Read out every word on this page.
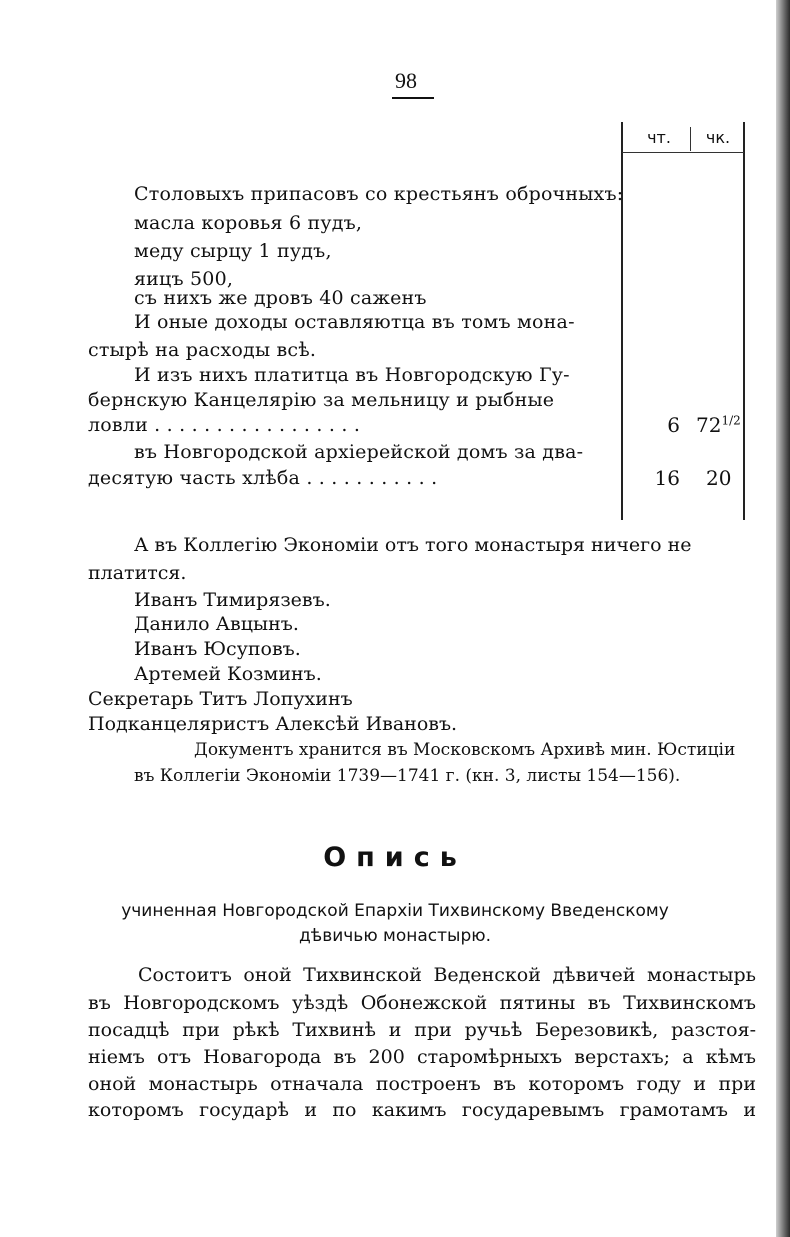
98
чт.	чк.
Столовыхъ припасовъ со крестьянъ оброчныхъ:
масла коровья 6 пудъ,
меду сырцу 1 пудъ,
яицъ 500,
съ нихъ же дровъ 40 саженъ
И оные доходы оставляютца въ томъ мона-
стырѣ на расходы всѣ.
И изъ нихъ платитца въ Новгородскую Гу-
бернскую Канцелярiю за мельницу и рыбные
ловли . . . . . . . . . . . . . . . . .
въ Новгородской архiерейской домъ за два-
десятую часть хлѣба . . . . . . . . . . .
6 $72^{1/2}$
16 20
А въ Коллегiю Экономiи отъ того монастыря ничего не
платится.
Иванъ Тимирязевъ.
Данило Авцынъ.
Иванъ Юсуповъ.
Артемей Козминъ.
Секретарь Титъ Лопухинъ
Подканцеляристъ Алексѣй Ивановъ.
Документъ хранится въ Московскомъ Архивѣ мин. Юстицiи
въ Коллегiи Экономiи 1739—1741 г. (кн. 3, листы 154—156).
Опись
учиненная Новгородской Епархiи Тихвинскому Введенскому
дѣвичью монастырю.
Состоитъ оной Тихвинской Веденской дѣвичей монастырь
въ Новгородскомъ уѣздѣ Обонежской пятины въ Тихвинскомъ
посадцѣ при рѣкѣ Тихвинѣ и при ручьѣ Березовикѣ, разстоя-
нiемъ отъ Новагорода въ 200 старомѣрныхъ верстахъ; а кѣмъ
оной монастырь отначала построенъ въ которомъ году и при
которомъ государѣ и по какимъ государевымъ грамотамъ и
